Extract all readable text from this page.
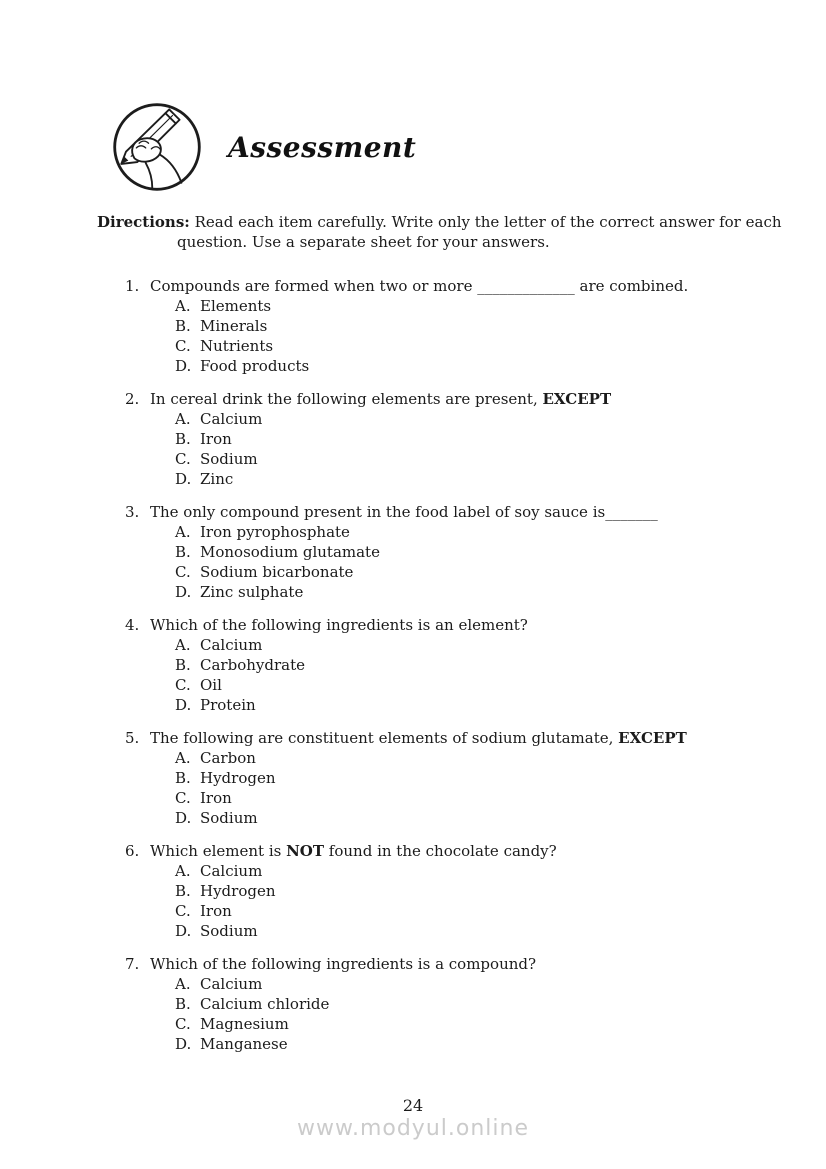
Assessment
Directions: Read each item carefully. Write only the letter of the correct answer for each
question. Use a separate sheet for your answers.
1. Compounds are formed when two or more _____________ are combined.
A. Elements
B. Minerals
C. Nutrients
D. Food products
2. In cereal drink the following elements are present, EXCEPT
A. Calcium
B. Iron
C. Sodium
D. Zinc
3. The only compound present in the food label of soy sauce is_______
A. Iron pyrophosphate
B. Monosodium glutamate
C. Sodium bicarbonate
D. Zinc sulphate
4. Which of the following ingredients is an element?
A. Calcium
B. Carbohydrate
C. Oil
D. Protein
5. The following are constituent elements of sodium glutamate, EXCEPT
A. Carbon
B. Hydrogen
C. Iron
D. Sodium
6. Which element is NOT found in the chocolate candy?
A. Calcium
B. Hydrogen
C. Iron
D. Sodium
7. Which of the following ingredients is a compound?
A. Calcium
B. Calcium chloride
C. Magnesium
D. Manganese
24
www.modyul.online
